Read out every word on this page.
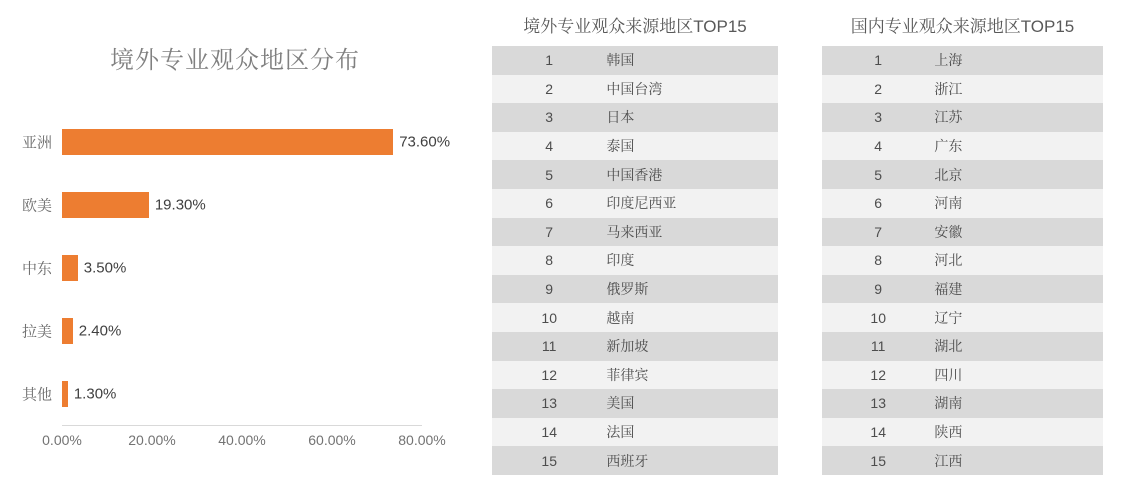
境外专业观众地区分布
亚洲	73.60%
欧美	19.30%
中东	3.50%
拉美	2.40%
其他	1.30%
0.00%	20.00%	40.00%	60.00%	80.00%
境外专业观众来源地区TOP15
1	韩国
2	中国台湾
3	日本
4	泰国
5	中国香港
6	印度尼西亚
7	马来西亚
8	印度
9	俄罗斯
10	越南
11	新加坡
12	菲律宾
13	美国
14	法国
15	西班牙
国内专业观众来源地区TOP15
1	上海
2	浙江
3	江苏
4	广东
5	北京
6	河南
7	安徽
8	河北
9	福建
10	辽宁
11	湖北
12	四川
13	湖南
14	陕西
15	江西
